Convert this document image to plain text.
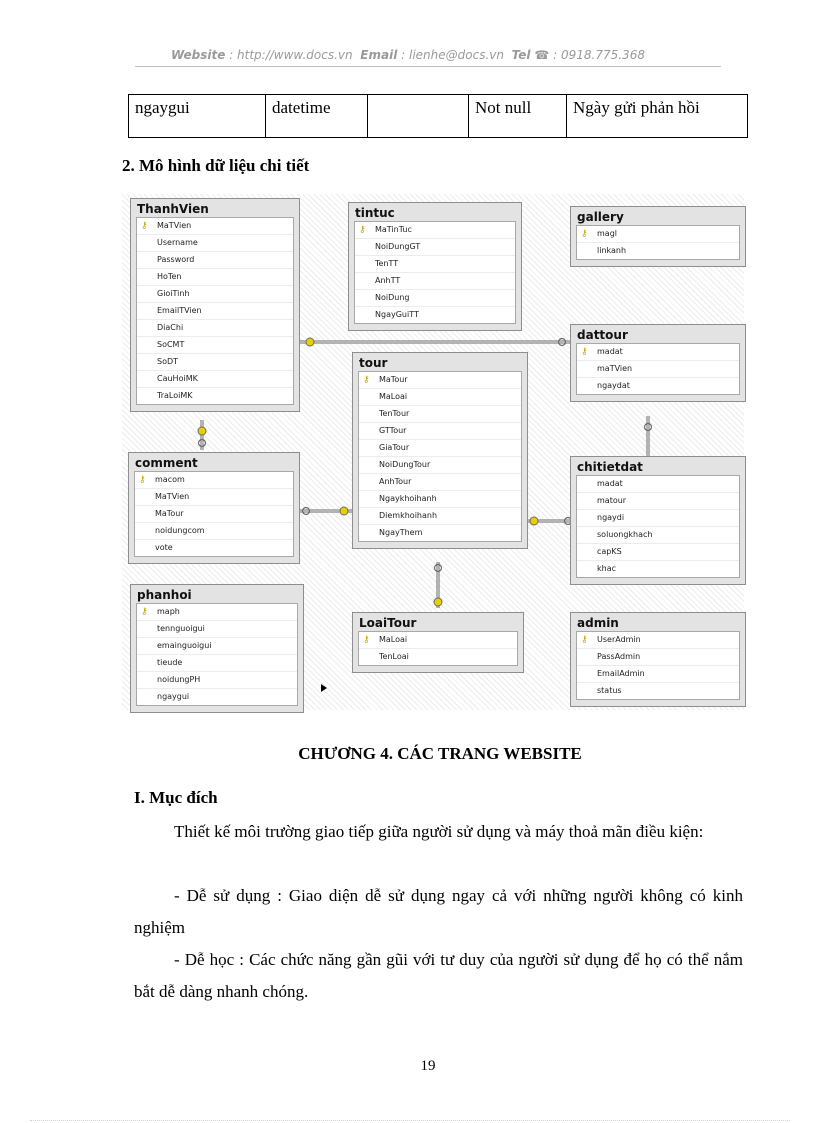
Website : http://www.docs.vn Email : lienhe@docs.vn Tel ☎ : 0918.775.368
ngaygui	datetime		Not null	Ngày gửi phản hồi
2. Mô hình dữ liệu chi tiết
ThanhVien
⚷ MaTVien
Username
Password
HoTen
GioiTinh
EmailTVien
DiaChi
SoCMT
SoDT
CauHoiMK
TraLoiMK
tintuc
⚷ MaTinTuc
NoiDungGT
TenTT
AnhTT
NoiDung
NgayGuiTT
gallery
⚷ magl
linkanh
dattour
⚷ madat
maTVien
ngaydat
tour
⚷ MaTour
MaLoai
TenTour
GTTour
GiaTour
NoiDungTour
AnhTour
Ngaykhoihanh
Diemkhoihanh
NgayThem
comment
⚷ macom
MaTVien
MaTour
noidungcom
vote
chitietdat
madat
matour
ngaydi
soluongkhach
capKS
khac
phanhoi
⚷ maph
tennguoigui
emainguoigui
tieude
noidungPH
ngaygui
LoaiTour
⚷ MaLoai
TenLoai
admin
⚷ UserAdmin
PassAdmin
EmailAdmin
status
CHƯƠNG 4. CÁC TRANG WEBSITE
I. Mục đích
Thiết kế môi trường giao tiếp giữa người sử dụng và máy thoả mãn điều kiện:
- Dễ sử dụng : Giao diện dễ sử dụng ngay cả với những người không có kinh nghiệm
- Dễ học : Các chức năng gần gũi với tư duy của người sử dụng để họ có thể nắm bắt dễ dàng nhanh chóng.
19
